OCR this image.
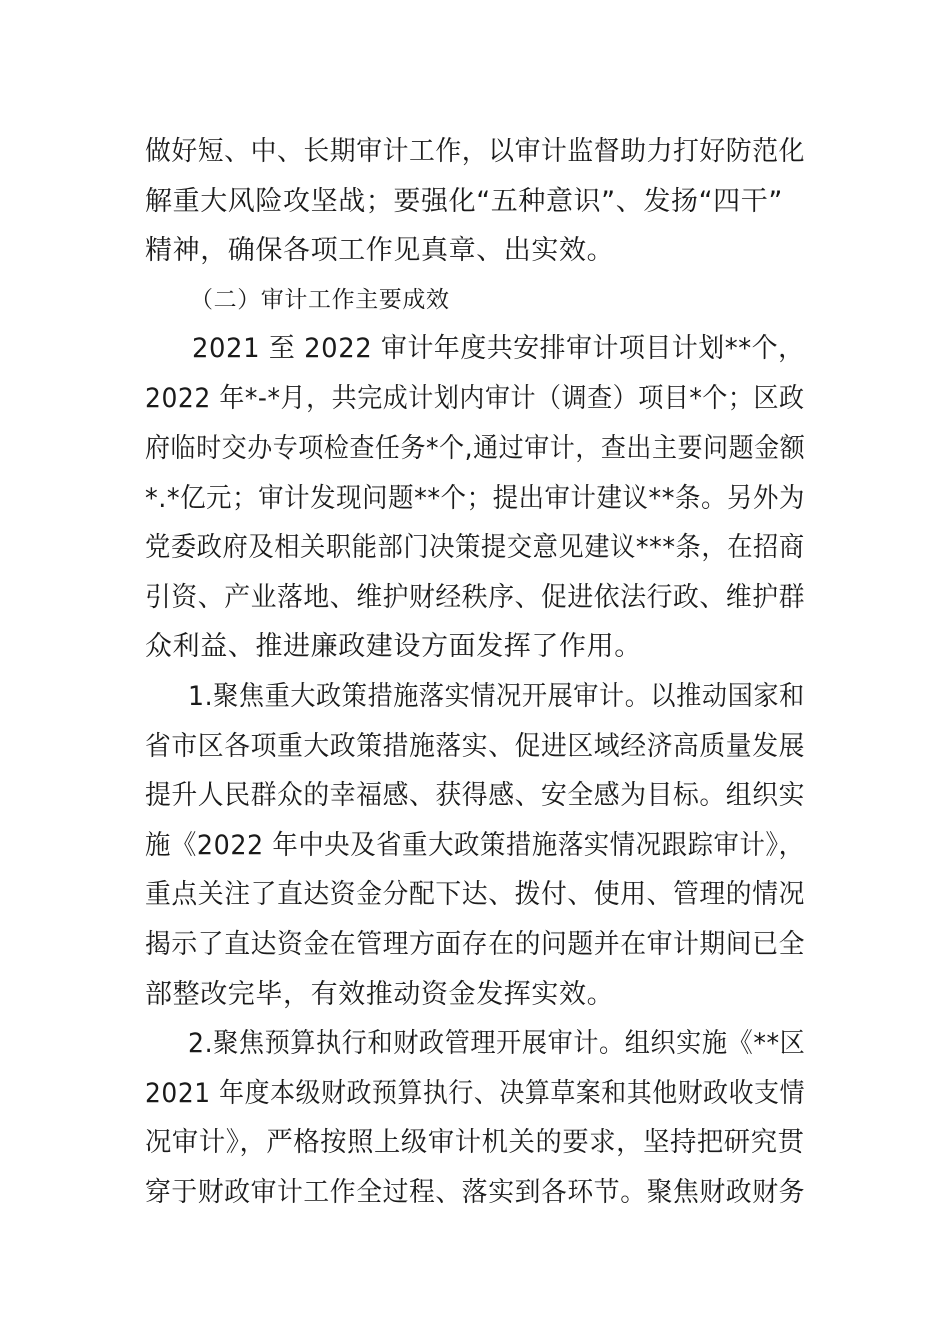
做好短、中、长期审计工作，以审计监督助力打好防范化
解重大风险攻坚战；要强化“五种意识”、发扬“四干”
精神，确保各项工作见真章、出实效。
（二）审计工作主要成效
2021 至 2022 审计年度共安排审计项目计划**个，
2022 年*-*月，共完成计划内审计（调查）项目*个；区政
府临时交办专项检查任务*个,通过审计，查出主要问题金额
*.*亿元；审计发现问题**个；提出审计建议**条。另外为
党委政府及相关职能部门决策提交意见建议***条，在招商
引资、产业落地、维护财经秩序、促进依法行政、维护群
众利益、推进廉政建设方面发挥了作用。
1.聚焦重大政策措施落实情况开展审计。以推动国家和
省市区各项重大政策措施落实、促进区域经济高质量发展
提升人民群众的幸福感、获得感、安全感为目标。组织实
施《2022 年中央及省重大政策措施落实情况跟踪审计》，
重点关注了直达资金分配下达、拨付、使用、管理的情况
揭示了直达资金在管理方面存在的问题并在审计期间已全
部整改完毕，有效推动资金发挥实效。
2.聚焦预算执行和财政管理开展审计。组织实施《**区
2021 年度本级财政预算执行、决算草案和其他财政收支情
况审计》，严格按照上级审计机关的要求，坚持把研究贯
穿于财政审计工作全过程、落实到各环节。聚焦财政财务
